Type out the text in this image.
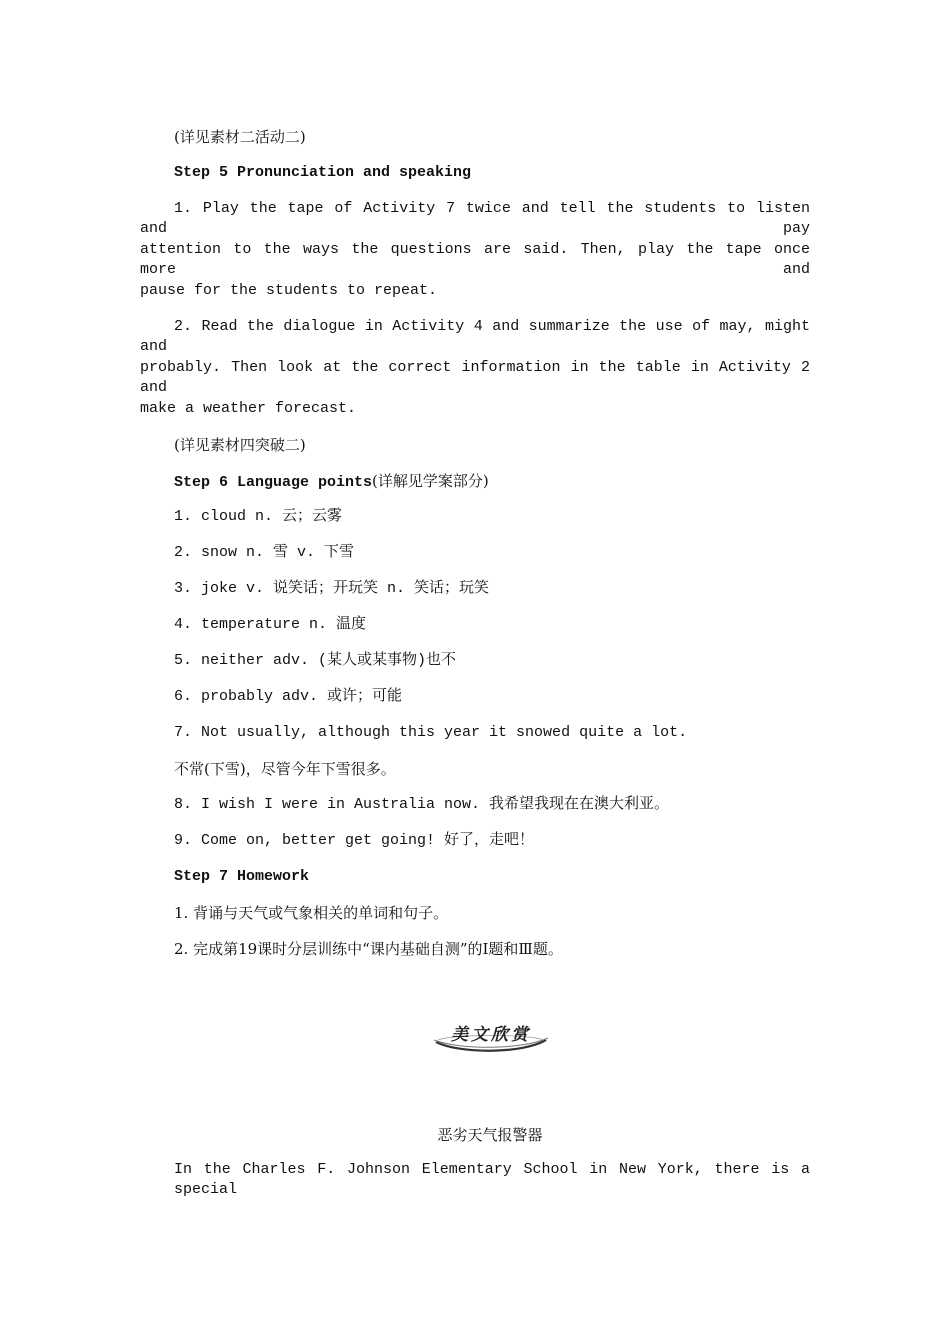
(详见素材二活动二)
Step 5 Pronunciation and speaking
1. Play the tape of Activity 7 twice and tell the students to listen and pay
attention to the ways the questions are said. Then, play the tape once more and
pause for the students to repeat.
2. Read the dialogue in Activity 4 and summarize the use of may, might and
probably. Then look at the correct information in the table in Activity 2 and
make a weather forecast.
(详见素材四突破二)
Step 6 Language points(详解见学案部分)
1. cloud n. 云；云雾
2. snow n. 雪 v. 下雪
3. joke v. 说笑话；开玩笑 n. 笑话；玩笑
4. temperature n. 温度
5. neither adv. (某人或某事物)也不
6. probably adv. 或许；可能
7. Not usually, although this year it snowed quite a lot.
不常(下雪)，尽管今年下雪很多。
8. I wish I were in Australia now. 我希望我现在在澳大利亚。
9. Come on, better get going! 好了，走吧！
Step 7 Homework
1. 背诵与天气或气象相关的单词和句子。
2. 完成第19课时分层训练中“课内基础自测”的Ⅰ题和Ⅲ题。
美文欣赏
恶劣天气报警器
In the Charles F. Johnson Elementary School in New York, there is a special
